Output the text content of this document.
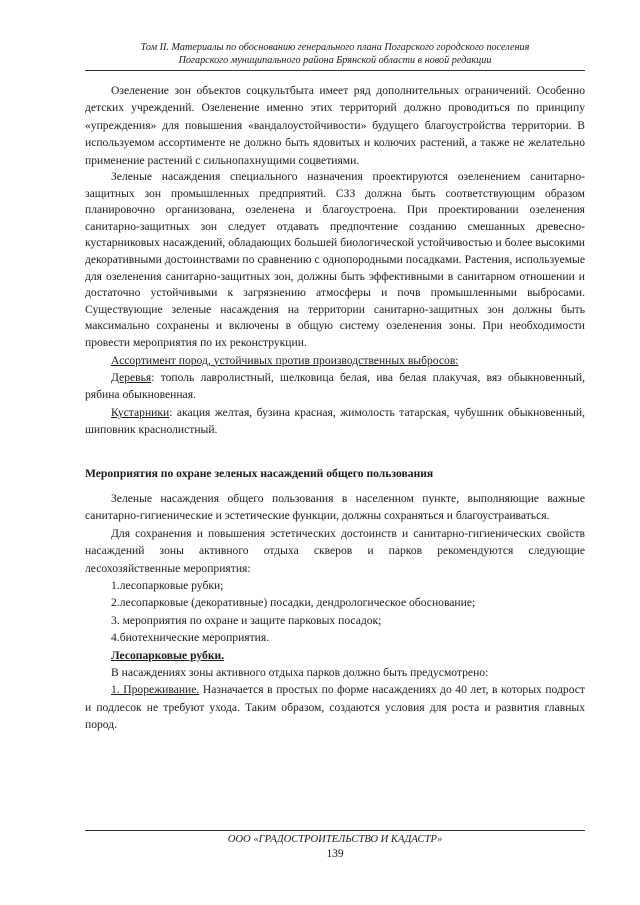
Том II. Материалы по обоснованию генерального плана Погарского городского поселения
Погарского муниципального района Брянской области в новой редакции

Озеленение зон объектов соцкультбыта имеет ряд дополнительных ограничений. Особенно детских учреждений. Озеленение именно этих территорий должно проводиться по принципу «упреждения» для повышения «вандалоустойчивости» будущего благоустройства территории. В используемом ассортименте не должно быть ядовитых и колючих растений, а также не желательно применение растений с сильнопахнущими соцветиями.

Зеленые насаждения специального назначения проектируются озеленением санитарно-защитных зон промышленных предприятий. СЗЗ должна быть соответствующим образом планировочно организована, озеленена и благоустроена. При проектировании озеленения санитарно-защитных зон следует отдавать предпочтение созданию смешанных древесно-кустарниковых насаждений, обладающих большей биологической устойчивостью и более высокими декоративными достоинствами по сравнению с однопородными посадками. Растения, используемые для озеленения санитарно-защитных зон, должны быть эффективными в санитарном отношении и достаточно устойчивыми к загрязнению атмосферы и почв промышленными выбросами. Существующие зеленые насаждения на территории санитарно-защитных зон должны быть максимально сохранены и включены в общую систему озеленения зоны. При необходимости провести мероприятия по их реконструкции.

Ассортимент пород, устойчивых против производственных выбросов:

Деревья: тополь лавролистный, шелковица белая, ива белая плакучая, вяз обыкновенный, рябина обыкновенная.

Кустарники: акация желтая, бузина красная, жимолость татарская, чубушник обыкновенный, шиповник краснолистный.

Мероприятия по охране зеленых насаждений общего пользования

Зеленые насаждения общего пользования в населенном пункте, выполняющие важные санитарно-гигиенические и эстетические функции, должны сохраняться и благоустраиваться.

Для сохранения и повышения эстетических достоинств и санитарно-гигиенических свойств насаждений зоны активного отдыха скверов и парков рекомендуются следующие лесохозяйственные мероприятия:

1.лесопарковые рубки;

2.лесопарковые (декоративные) посадки, дендрологическое обоснование;

3. мероприятия по охране и защите парковых посадок;

4.биотехнические мероприятия.

Лесопарковые рубки.

В насаждениях зоны активного отдыха парков должно быть предусмотрено:

1. Прореживание. Назначается в простых по форме насаждениях до 40 лет, в которых подрост и подлесок не требуют ухода. Таким образом, создаются условия для роста и развития главных пород.

ООО «ГРАДОСТРОИТЕЛЬСТВО И КАДАСТР»
139
